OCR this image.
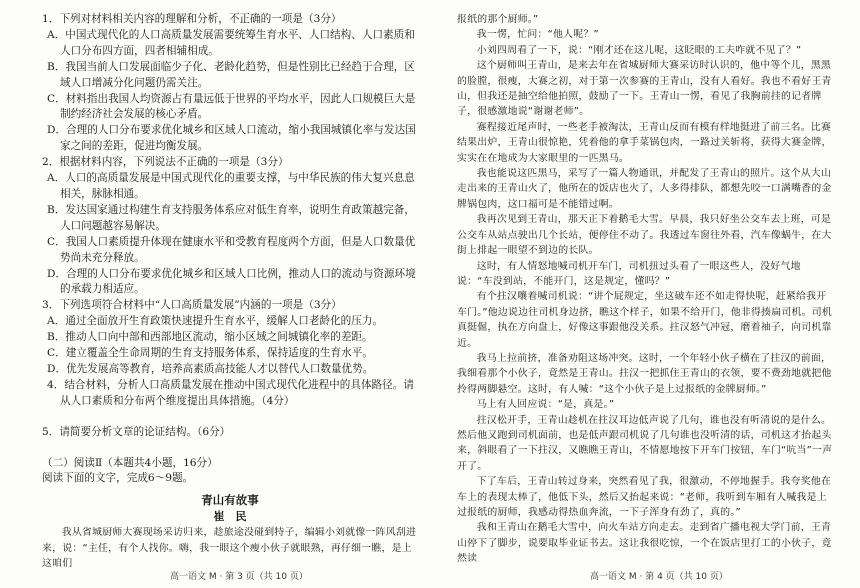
1．下列对材料相关内容的理解和分析，不正确的一项是（3分）
A．中国式现代化的人口高质量发展需要统筹生育水平、人口结构、人口素质和人口分布四方面，四者相辅相成。
B．我国当前人口发展面临少子化、老龄化趋势，但是性别比已经趋于合理，区域人口增减分化问题仍需关注。
C．材料指出我国人均资源占有量远低于世界的平均水平，因此人口规模巨大是制约经济社会发展的核心矛盾。
D．合理的人口分布要求优化城乡和区域人口流动，缩小我国城镇化率与发达国家之间的差距，促进均衡发展。
2．根据材料内容，下列说法不正确的一项是（3分）
A．人口的高质量发展是中国式现代化的重要支撑，与中华民族的伟大复兴息息相关，脉脉相通。
B．发达国家通过构建生育支持服务体系应对低生育率，说明生育政策越完备，人口问题越容易解决。
C．我国人口素质提升体现在健康水平和受教育程度两个方面，但是人口数量优势尚未充分释放。
D．合理的人口分布要求优化城乡和区域人口比例，推动人口的流动与资源环境的承载力相适应。
3．下列选项符合材料中“人口高质量发展”内涵的一项是（3分）
A．通过全面放开生育政策快速提升生育水平，缓解人口老龄化的压力。
B．推动人口向中部和西部地区流动，缩小区域之间城镇化率的差距。
C．建立覆盖全生命周期的生育支持服务体系，保持适度的生育水平。
D．优先发展高等教育，培养高素质高技能人才以替代人口数量优势。
4．结合材料，分析人口高质量发展在推动中国式现代化进程中的具体路径。请从人口素质和分布两个维度提出具体措施。（4分）
5．请简要分析文章的论证结构。（6分）
（二）阅读Ⅱ（本题共4小题，16分）
阅读下面的文字，完成6～9题。
青山有故事
崔　民
我从省城厨师大赛现场采访归来，趁旅途没碰到特子，编辑小刘就像一阵风刮进来，说：“主任，有个人找你。嗨，我一眼这个瘦小伙子就眼熟，再仔细一瞧，是上这咱们
报纸的那个厨师。”
我一愣，忙问：“他人呢？”
小刘四周看了一下，说：“刚才还在这儿呢，这眨眼的工夫咋就不见了？”
这个厨师叫王青山，是来去年在省城厨师大赛采访时认识的，他中等个儿，黑黑的脸膛，很瘦，大赛之初，对于第一次参赛的王青山，没有人看好。我也不看好王青山，但我还是抽空给他拍照，鼓励了一下。王青山一愣，看见了我胸前挂的记者牌子，很感激地说“谢谢老师”。
赛程接近尾声时，一些老手被淘汰，王青山反而有模有样地挺进了前三名。比赛结果出炉，王青山很惊艳，凭着他的拿手菜锅包肉，一路过关斩将，获得大赛金牌，实实在在地成为大家眼里的一匹黑马。
我也能说这匹黑马，采写了一篇人物通讯，并配发了王青山的照片。这个从大山走出来的王青山火了，他所在的饭店也火了，人多得排队，都想先咬一口满嘴香的金牌锅包肉，这口福可是不能错过啊。
我再次见到王青山，那天正下着鹅毛大雪。早晨，我只好坐公交车去上班，可是公交车从站点驶出几个长站，便停住不动了。我透过车窗往外看，汽车像蜗牛，在大街上排起一眼望不到边的长队。
这时，有人情怒地喊司机开车门，司机扭过头看了一眼这些人，没好气地说：“车没到站，不能开门，这是规定，懂吗？”
有个拄汉嚷着喊司机说：“讲个屁规定，坐这破车还不如走得快呢，赶紧给我开车门。”他边说边往司机身边挤，瞧这个样子，如果不给开门，他非得揍扁司机。司机真挺倔，执在方向盘上，好像这事跟他没关系。拄汉怒气冲冠，磨着袖子，向司机靠近。
我马上拉前挤，准备劝阻这场冲突。这时，一个年轻小伙子横在了拄汉的前面，我细看那个小伙子，竟然是王青山。拄汉一把抓住王青山的衣领，要不费劲地就把他拎得两脚悬空。这时，有人喊：“这个小伙子是上过报纸的金牌厨师。”
马上有人回应说：“是，真是。”
拄汉松开手，王青山趁机在拄汉耳边低声说了几句，谁也没有听清说的是什么。然后他又跑到司机面前，也是低声跟司机说了几句谁也没听清的话，司机这才抬起头来，斜眼看了一下拄汉，又瞧瞧王青山，不情愿地按下开车门按钮，车门“吭当”一声开了。
下了车后，王青山转过身来，突然看见了我，很激动，不停地握手。我夸奖他在车上的表现太棒了，他低下头，然后又抬起来说：“老师，我听到车厢有人喊我是上过报纸的厨师，我感动得热血奔流，一下子浑身有劲了，真的。”
我和王青山在鹅毛大雪中，向火车站方向走去。走到省广播电视大学门前，王青山停下了脚步，说要取毕业证书去。这让我很吃惊，一个在饭店里打工的小伙子，竟然读
高一语文 M · 第 3 页（共 10 页）	高一语文 M · 第 4 页（共 10 页）
